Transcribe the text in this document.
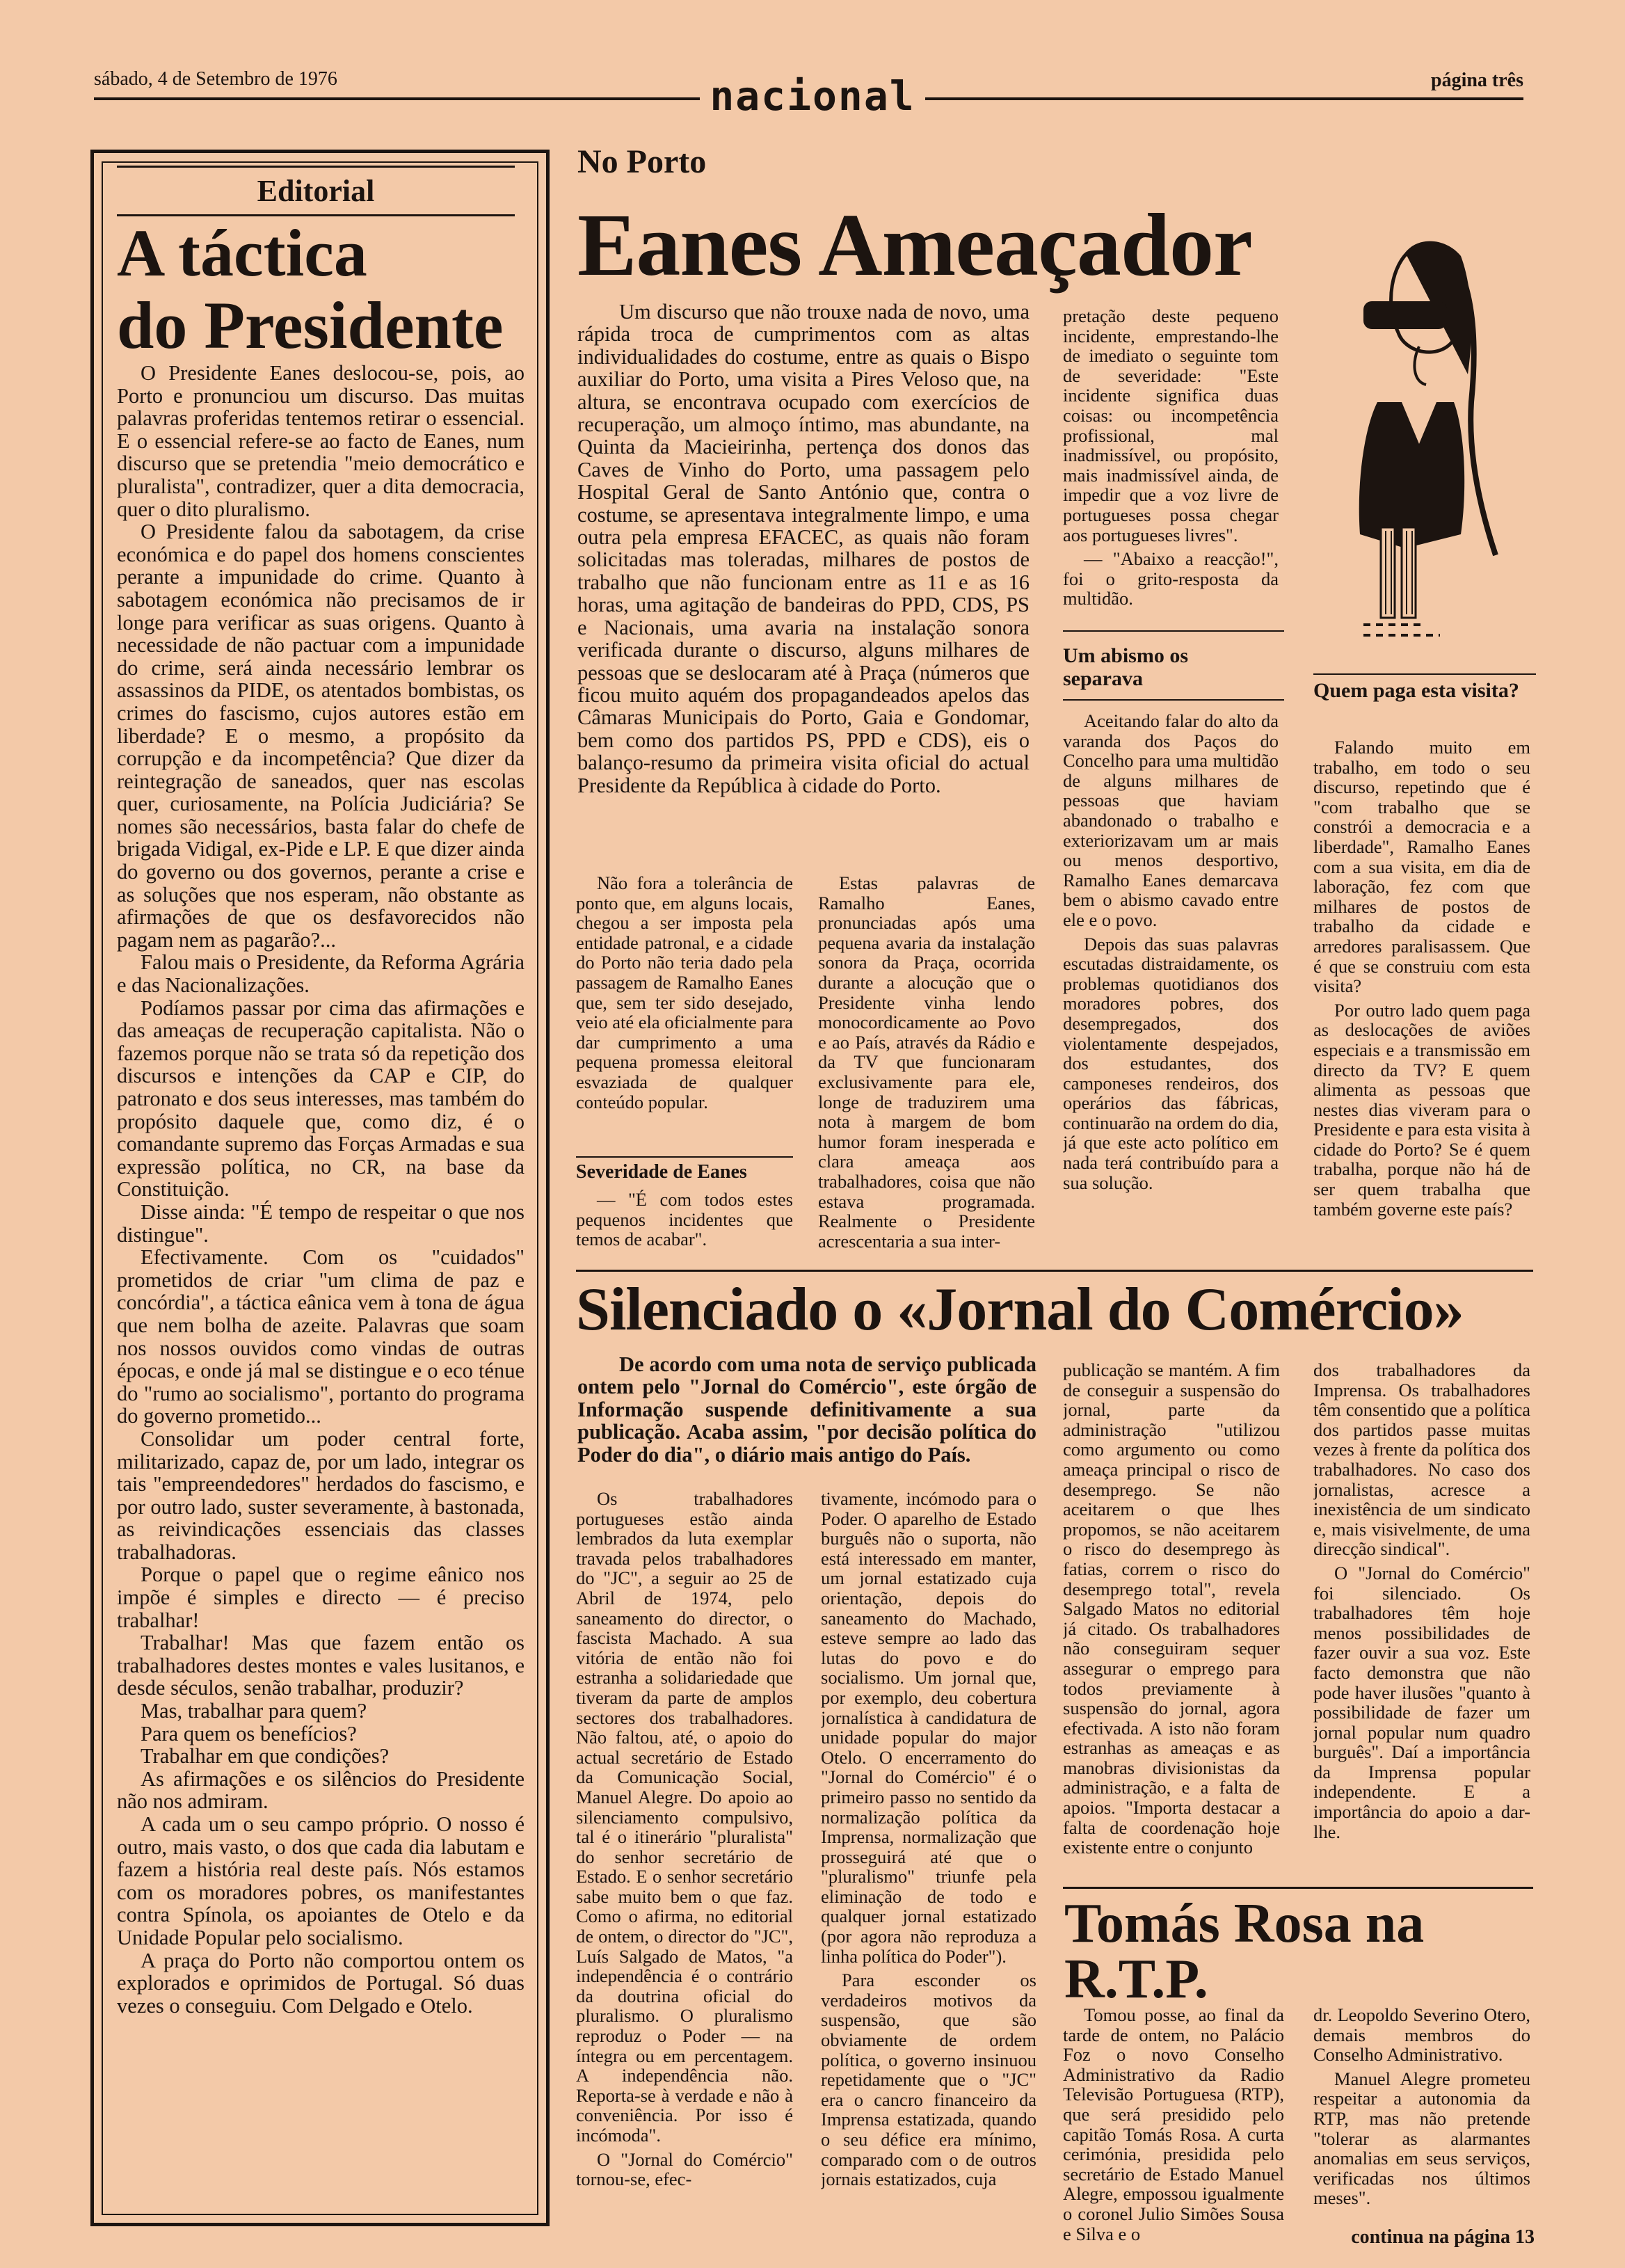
sábado, 4 de Setembro de 1976	nacional	página três
Editorial
A táctica
do Presidente

O Presidente Eanes deslocou-se, pois, ao Porto e pronunciou um discurso. Das muitas palavras proferidas tentemos retirar o essencial. E o essencial refere-se ao facto de Eanes, num discurso que se pretendia "meio democrático e pluralista", contradizer, quer a dita democracia, quer o dito pluralismo.

O Presidente falou da sabotagem, da crise económica e do papel dos homens conscientes perante a impunidade do crime. Quanto à sabotagem económica não precisamos de ir longe para verificar as suas origens. Quanto à necessidade de não pactuar com a impunidade do crime, será ainda necessário lembrar os assassinos da PIDE, os atentados bombistas, os crimes do fascismo, cujos autores estão em liberdade? E o mesmo, a propósito da corrupção e da incompetência? Que dizer da reintegração de saneados, quer nas escolas quer, curiosamente, na Polícia Judiciária? Se nomes são necessários, basta falar do chefe de brigada Vidigal, ex-Pide e LP. E que dizer ainda do governo ou dos governos, perante a crise e as soluções que nos esperam, não obstante as afirmações de que os desfavorecidos não pagam nem as pagarão?...

Falou mais o Presidente, da Reforma Agrária e das Nacionalizações.

Podíamos passar por cima das afirmações e das ameaças de recuperação capitalista. Não o fazemos porque não se trata só da repetição dos discursos e intenções da CAP e CIP, do patronato e dos seus interesses, mas também do propósito daquele que, como diz, é o comandante supremo das Forças Armadas e sua expressão política, no CR, na base da Constituição.

Disse ainda: "É tempo de respeitar o que nos distingue".

Efectivamente. Com os "cuidados" prometidos de criar "um clima de paz e concórdia", a táctica eânica vem à tona de água que nem bolha de azeite. Palavras que soam nos nossos ouvidos como vindas de outras épocas, e onde já mal se distingue e o eco ténue do "rumo ao socialismo", portanto do programa do governo prometido...

Consolidar um poder central forte, militarizado, capaz de, por um lado, integrar os tais "empreendedores" herdados do fascismo, e por outro lado, suster severamente, à bastonada, as reivindicações essenciais das classes trabalhadoras.

Porque o papel que o regime eânico nos impõe é simples e directo — é preciso trabalhar!

Trabalhar! Mas que fazem então os trabalhadores destes montes e vales lusitanos, e desde séculos, senão trabalhar, produzir?

Mas, trabalhar para quem?

Para quem os benefícios?

Trabalhar em que condições?

As afirmações e os silêncios do Presidente não nos admiram.

A cada um o seu campo próprio. O nosso é outro, mais vasto, o dos que cada dia labutam e fazem a história real deste país. Nós estamos com os moradores pobres, os manifestantes contra Spínola, os apoiantes de Otelo e da Unidade Popular pelo socialismo.

A praça do Porto não comportou ontem os explorados e oprimidos de Portugal. Só duas vezes o conseguiu. Com Delgado e Otelo.

No Porto
Eanes Ameaçador

Um discurso que não trouxe nada de novo, uma rápida troca de cumprimentos com as altas individualidades do costume, entre as quais o Bispo auxiliar do Porto, uma visita a Pires Veloso que, na altura, se encontrava ocupado com exercícios de recuperação, um almoço íntimo, mas abundante, na Quinta da Macieirinha, pertença dos donos das Caves de Vinho do Porto, uma passagem pelo Hospital Geral de Santo António que, contra o costume, se apresentava integralmente limpo, e uma outra pela empresa EFACEC, as quais não foram solicitadas mas toleradas, milhares de postos de trabalho que não funcionam entre as 11 e as 16 horas, uma agitação de bandeiras do PPD, CDS, PS e Nacionais, uma avaria na instalação sonora verificada durante o discurso, alguns milhares de pessoas que se deslocaram até à Praça (números que ficou muito aquém dos propagandeados apelos das Câmaras Municipais do Porto, Gaia e Gondomar, bem como dos partidos PS, PPD e CDS), eis o balanço-resumo da primeira visita oficial do actual Presidente da República à cidade do Porto.

Não fora a tolerância de ponto que, em alguns locais, chegou a ser imposta pela entidade patronal, e a cidade do Porto não teria dado pela passagem de Ramalho Eanes que, sem ter sido desejado, veio até ela oficialmente para dar cumprimento a uma pequena promessa eleitoral esvaziada de qualquer conteúdo popular.

Severidade de Eanes

— "É com todos estes pequenos incidentes que temos de acabar".

Estas palavras de Ramalho Eanes, pronunciadas após uma pequena avaria da instalação sonora da Praça, ocorrida durante a alocução que o Presidente vinha lendo monocordicamente ao Povo e ao País, através da Rádio e da TV que funcionaram exclusivamente para ele, longe de traduzirem uma nota à margem de bom humor foram inesperada e clara ameaça aos trabalhadores, coisa que não estava programada. Realmente o Presidente acrescentaria a sua inter-

pretação deste pequeno incidente, emprestando-lhe de imediato o seguinte tom de severidade: "Este incidente significa duas coisas: ou incompetência profissional, mal inadmissível, ou propósito, mais inadmissível ainda, de impedir que a voz livre de portugueses possa chegar aos portugueses livres".

— "Abaixo a reacção!", foi o grito-resposta da multidão.

Um abismo os separava

Aceitando falar do alto da varanda dos Paços do Concelho para uma multidão de alguns milhares de pessoas que haviam abandonado o trabalho e exteriorizavam um ar mais ou menos desportivo, Ramalho Eanes demarcava bem o abismo cavado entre ele e o povo.

Depois das suas palavras escutadas distraidamente, os problemas quotidianos dos moradores pobres, dos desempregados, dos violentamente despejados, dos estudantes, dos camponeses rendeiros, dos operários das fábricas, continuarão na ordem do dia, já que este acto político em nada terá contribuído para a sua solução.

Quem paga esta visita?

Falando muito em trabalho, em todo o seu discurso, repetindo que é "com trabalho que se constrói a democracia e a liberdade", Ramalho Eanes com a sua visita, em dia de laboração, fez com que milhares de postos de trabalho da cidade e arredores paralisassem. Que é que se construiu com esta visita?

Por outro lado quem paga as deslocações de aviões especiais e a transmissão em directo da TV? E quem alimenta as pessoas que nestes dias viveram para o Presidente e para esta visita à cidade do Porto? Se é quem trabalha, porque não há de ser quem trabalha que também governe este país?

Silenciado o «Jornal do Comércio»

De acordo com uma nota de serviço publicada ontem pelo "Jornal do Comércio", este órgão de Informação suspende definitivamente a sua publicação. Acaba assim, "por decisão política do Poder do dia", o diário mais antigo do País.

Os trabalhadores portugueses estão ainda lembrados da luta exemplar travada pelos trabalhadores do "JC", a seguir ao 25 de Abril de 1974, pelo saneamento do director, o fascista Machado. A sua vitória de então não foi estranha a solidariedade que tiveram da parte de amplos sectores dos trabalhadores. Não faltou, até, o apoio do actual secretário de Estado da Comunicação Social, Manuel Alegre. Do apoio ao silenciamento compulsivo, tal é o itinerário "pluralista" do senhor secretário de Estado. E o senhor secretário sabe muito bem o que faz. Como o afirma, no editorial de ontem, o director do "JC", Luís Salgado de Matos, "a independência é o contrário da doutrina oficial do pluralismo. O pluralismo reproduz o Poder — na íntegra ou em percentagem. A independência não. Reporta-se à verdade e não à conveniência. Por isso é incómoda".

O "Jornal do Comércio" tornou-se, efec-

tivamente, incómodo para o Poder. O aparelho de Estado burguês não o suporta, não está interessado em manter, um jornal estatizado cuja orientação, depois do saneamento do Machado, esteve sempre ao lado das lutas do povo e do socialismo. Um jornal que, por exemplo, deu cobertura jornalística à candidatura de unidade popular do major Otelo. O encerramento do "Jornal do Comércio" é o primeiro passo no sentido da normalização política da Imprensa, normalização que prosseguirá até que o "pluralismo" triunfe pela eliminação de todo e qualquer jornal estatizado (por agora não reproduza a linha política do Poder").

Para esconder os verdadeiros motivos da suspensão, que são obviamente de ordem política, o governo insinuou repetidamente que o "JC" era o cancro financeiro da Imprensa estatizada, quando o seu défice era mínimo, comparado com o de outros jornais estatizados, cuja

publicação se mantém. A fim de conseguir a suspensão do jornal, parte da administração "utilizou como argumento ou como ameaça principal o risco de desemprego. Se não aceitarem o que lhes propomos, se não aceitarem o risco do desemprego às fatias, correm o risco do desemprego total", revela Salgado Matos no editorial já citado. Os trabalhadores não conseguiram sequer assegurar o emprego para todos previamente à suspensão do jornal, agora efectivada. A isto não foram estranhas as ameaças e as manobras divisionistas da administração, e a falta de apoios. "Importa destacar a falta de coordenação hoje existente entre o conjunto

dos trabalhadores da Imprensa. Os trabalhadores têm consentido que a política dos partidos passe muitas vezes à frente da política dos trabalhadores. No caso dos jornalistas, acresce a inexistência de um sindicato e, mais visivelmente, de uma direcção sindical".

O "Jornal do Comércio" foi silenciado. Os trabalhadores têm hoje menos possibilidades de fazer ouvir a sua voz. Este facto demonstra que não pode haver ilusões "quanto à possibilidade de fazer um jornal popular num quadro burguês". Daí a importância da Imprensa popular independente. E a importância do apoio a dar-lhe.

Tomás Rosa na R.T.P.

Tomou posse, ao final da tarde de ontem, no Palácio Foz o novo Conselho Administrativo da Radio Televisão Portuguesa (RTP), que será presidido pelo capitão Tomás Rosa. A curta cerimónia, presidida pelo secretário de Estado Manuel Alegre, empossou igualmente o coronel Julio Simões Sousa e Silva e o

dr. Leopoldo Severino Otero, demais membros do Conselho Administrativo.

Manuel Alegre prometeu respeitar a autonomia da RTP, mas não pretende "tolerar as alarmantes anomalias em seus serviços, verificadas nos últimos meses".

continua na página 13
